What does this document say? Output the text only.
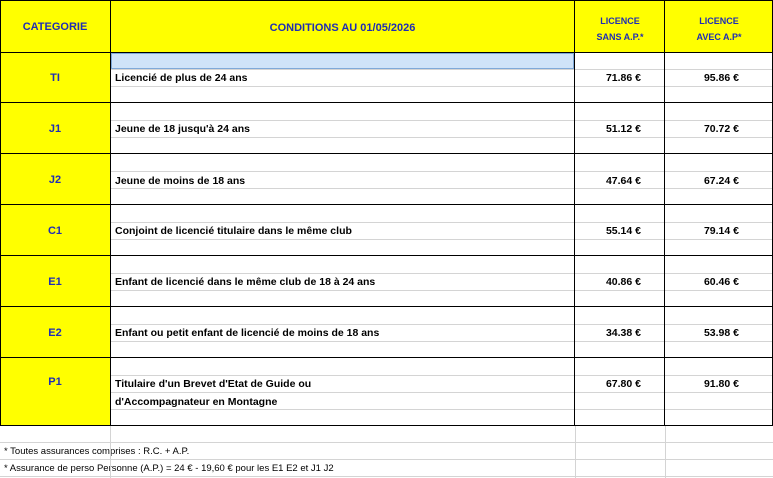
CATEGORIE	CONDITIONS AU 01/05/2026
LICENCE
SANS A.P.*
LICENCE
AVEC A.P*
TI
J1
J2
C1
E1
E2
P1
Licencié de plus de 24 ans
Jeune de 18 jusqu'à 24 ans
Jeune de moins de 18 ans
Conjoint de licencié titulaire dans le même club
Enfant de licencié dans le même club de 18 à 24 ans
Enfant ou petit enfant de licencié de moins de 18 ans
Titulaire d'un Brevet d'Etat de Guide ou
d'Accompagnateur en Montagne
71.86 €
51.12 €
47.64 €
55.14 €
40.86 €
34.38 €
67.80 €
95.86 €
70.72 €
67.24 €
79.14 €
60.46 €
53.98 €
91.80 €
* Toutes assurances comprises : R.C. + A.P.
* Assurance de perso Personne (A.P.) = 24 € - 19,60 € pour les E1 E2 et J1 J2
